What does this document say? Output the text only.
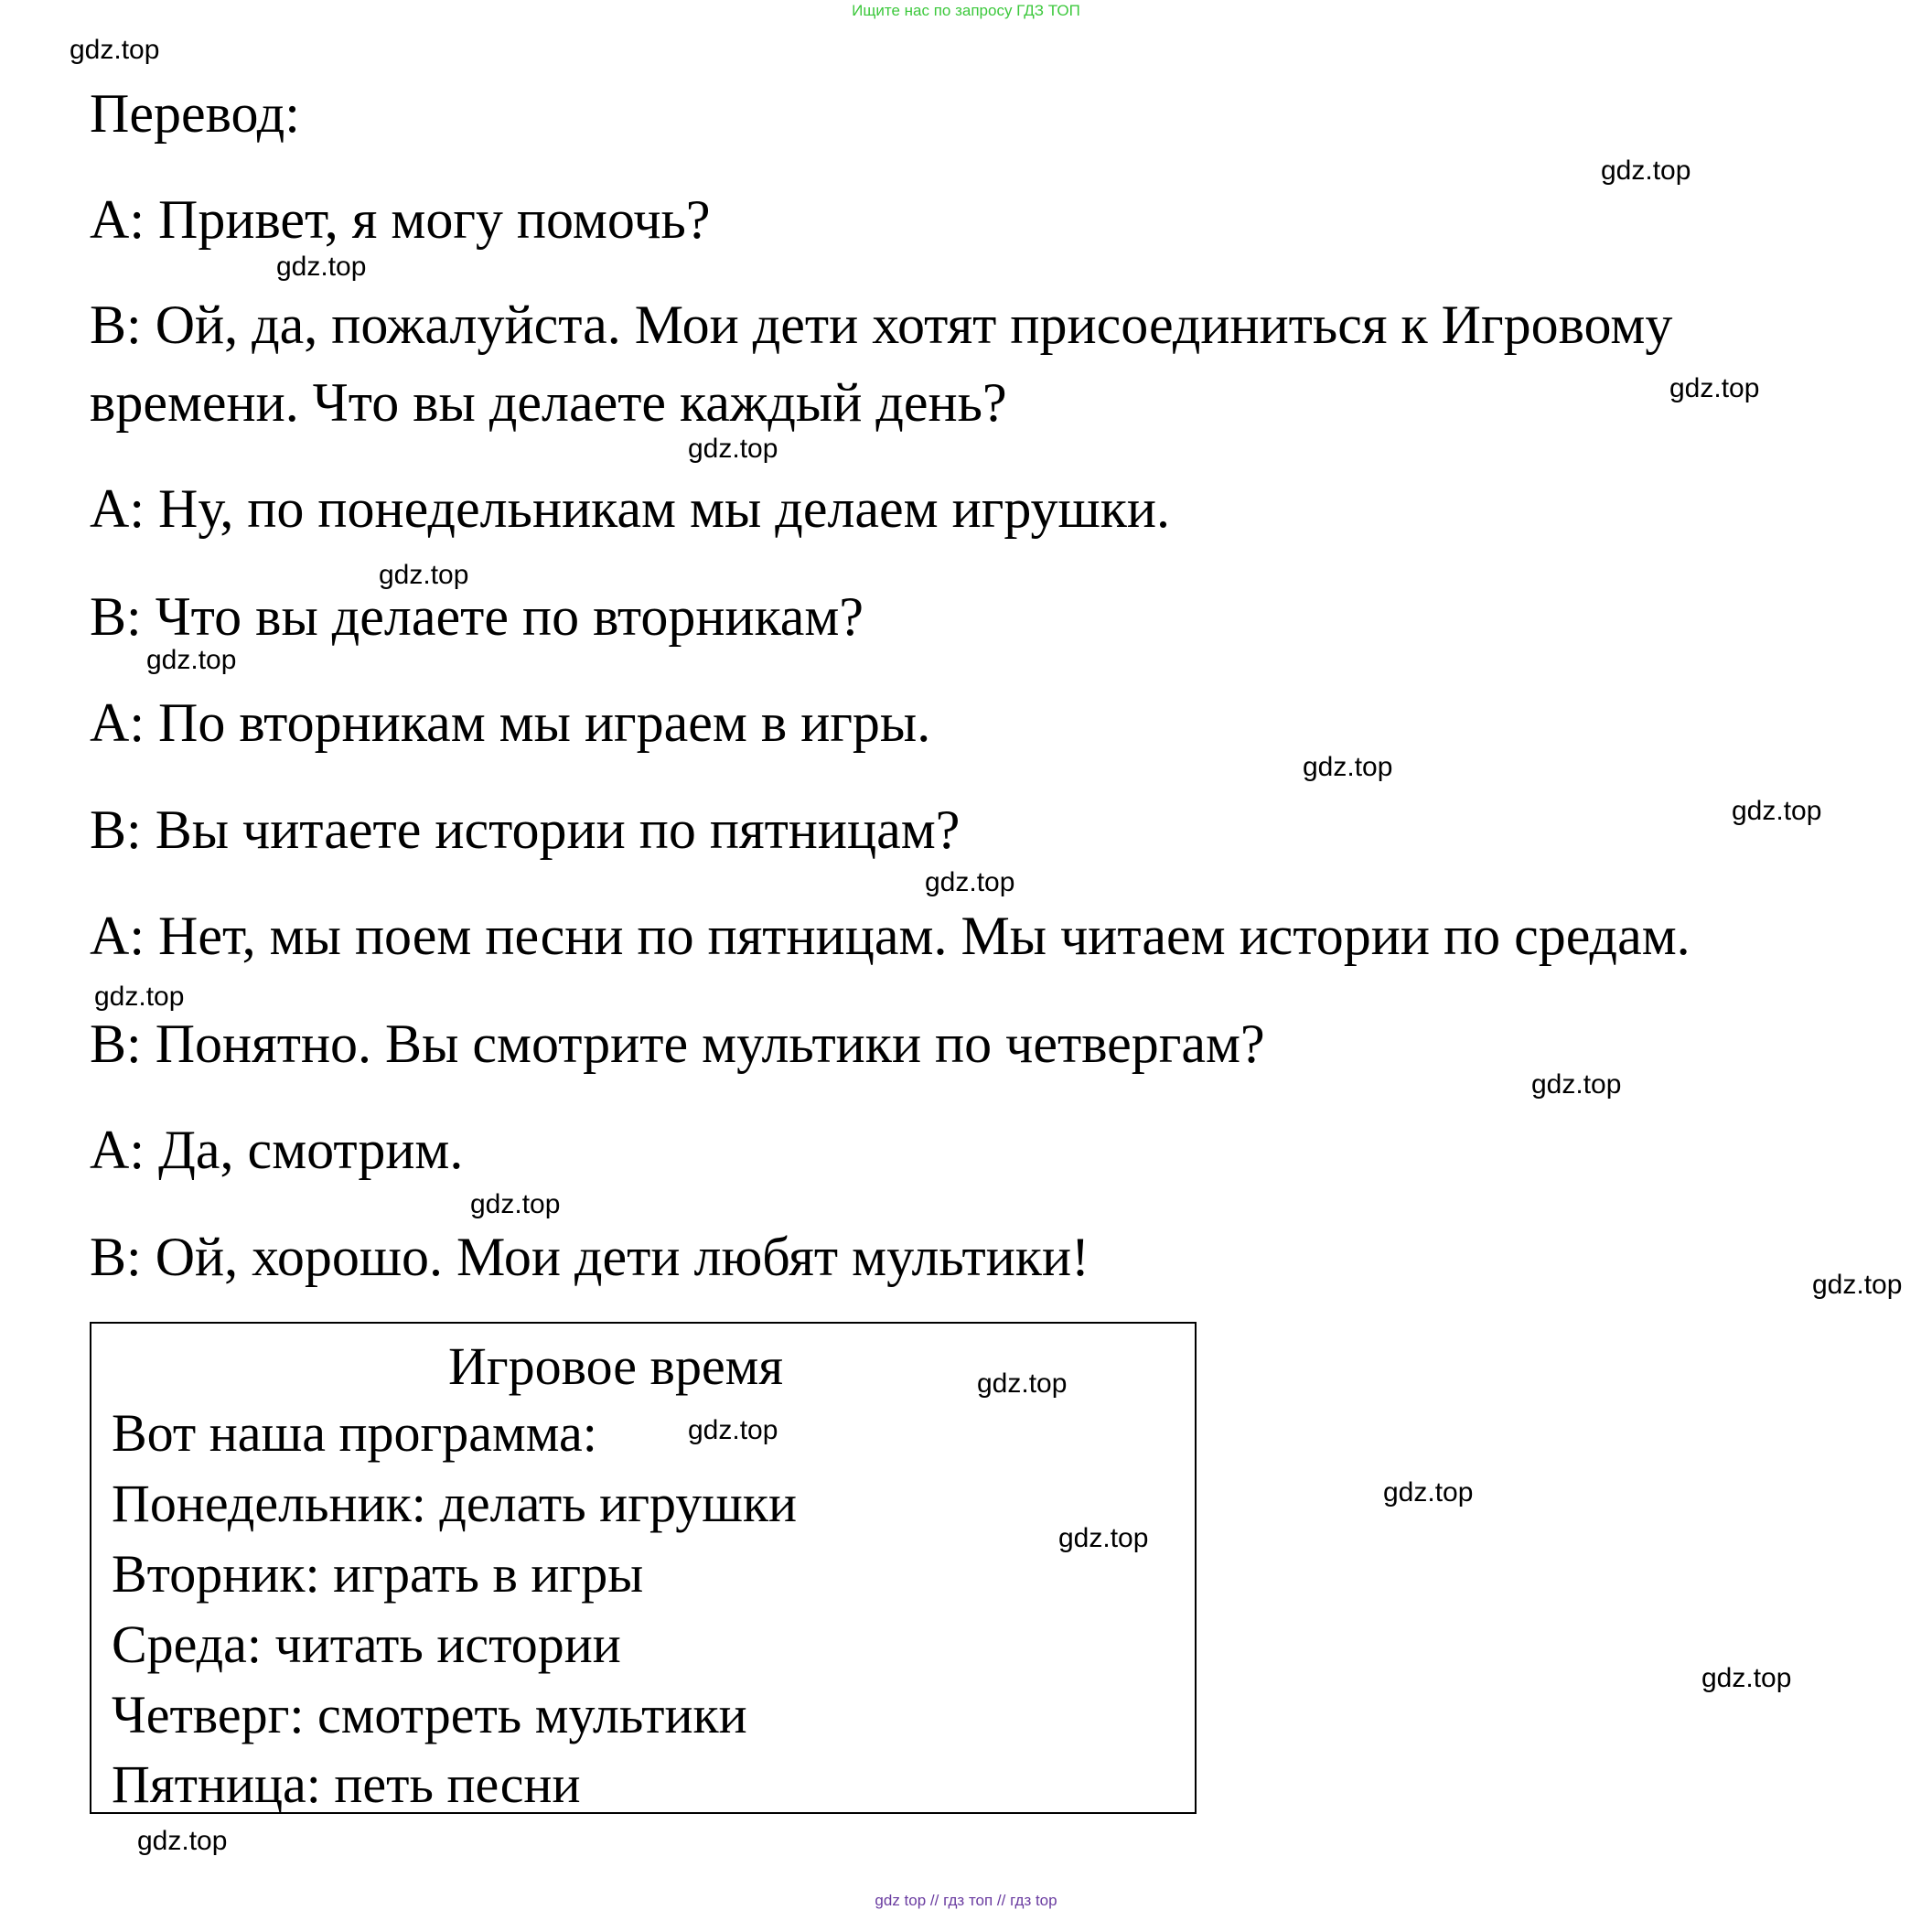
Ищите нас по запросу ГДЗ ТОП
Перевод:
A: Привет, я могу помочь?
B: Ой, да, пожалуйста. Мои дети хотят присоединиться к Игровому
времени. Что вы делаете каждый день?
A: Ну, по понедельникам мы делаем игрушки.
B: Что вы делаете по вторникам?
A: По вторникам мы играем в игры.
B: Вы читаете истории по пятницам?
A: Нет, мы поем песни по пятницам. Мы читаем истории по средам.
B: Понятно. Вы смотрите мультики по четвергам?
A: Да, смотрим.
B: Ой, хорошо. Мои дети любят мультики!
Игровое время
Вот наша программа:
Понедельник: делать игрушки
Вторник: играть в игры
Среда: читать истории
Четверг: смотреть мультики
Пятница: петь песни
gdz.top
gdz.top
gdz.top
gdz.top
gdz.top
gdz.top
gdz.top
gdz.top
gdz.top
gdz.top
gdz.top
gdz.top
gdz.top
gdz.top
gdz.top
gdz.top
gdz.top
gdz.top
gdz.top
gdz.top
gdz top // гдз топ // гдз top
